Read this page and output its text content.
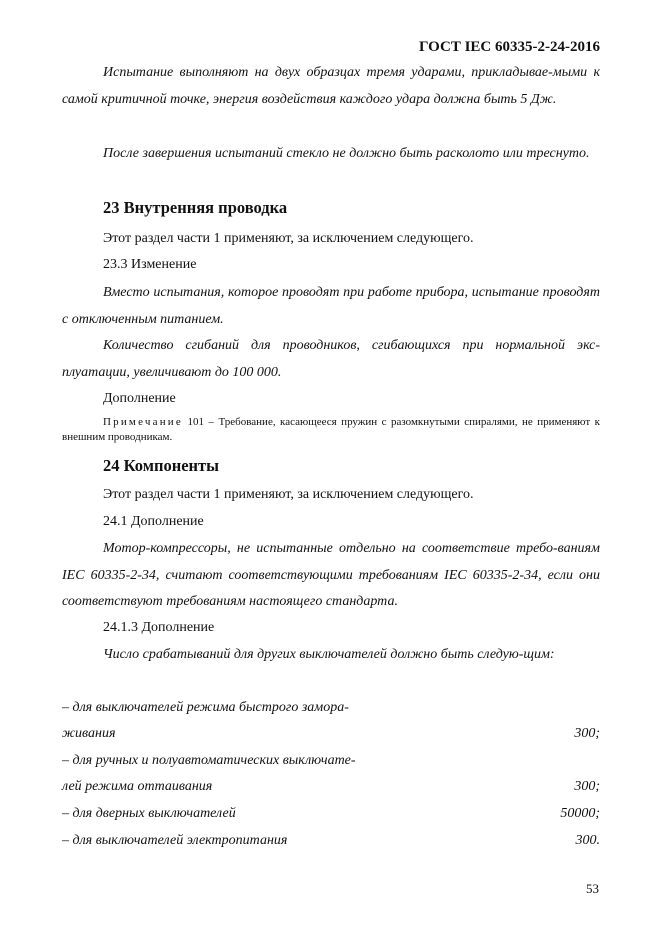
ГОСТ IEC 60335-2-24-2016

Испытание выполняют на двух образцах тремя ударами, прикладывае-мыми к самой критичной точке, энергия воздействия каждого удара должна быть 5 Дж.

После завершения испытаний стекло не должно быть расколото или треснуто.

23 Внутренняя проводка

Этот раздел части 1 применяют, за исключением следующего.

23.3 Изменение

Вместо испытания, которое проводят при работе прибора, испытание проводят с отключенным питанием.

Количество сгибаний для проводников, сгибающихся при нормальной экс-плуатации, увеличивают до 100 000.

Дополнение

Примечание 101 – Требование, касающееся пружин с разомкнутыми спиралями, не применяют к внешним проводникам.

24 Компоненты

Этот раздел части 1 применяют, за исключением следующего.

24.1 Дополнение

Мотор-компрессоры, не испытанные отдельно на соответствие требо-ваниям IEC 60335-2-34, считают соответствующими требованиям IEC 60335-2-34, если они соответствуют требованиям настоящего стандарта.

24.1.3 Дополнение

Число срабатываний для других выключателей должно быть следую-щим:

– для выключателей режима быстрого замора-
живания	300;
– для ручных и полуавтоматических выключате-
лей режима оттаивания	300;
– для дверных выключателей	50000;
– для выключателей электропитания	300.
53
